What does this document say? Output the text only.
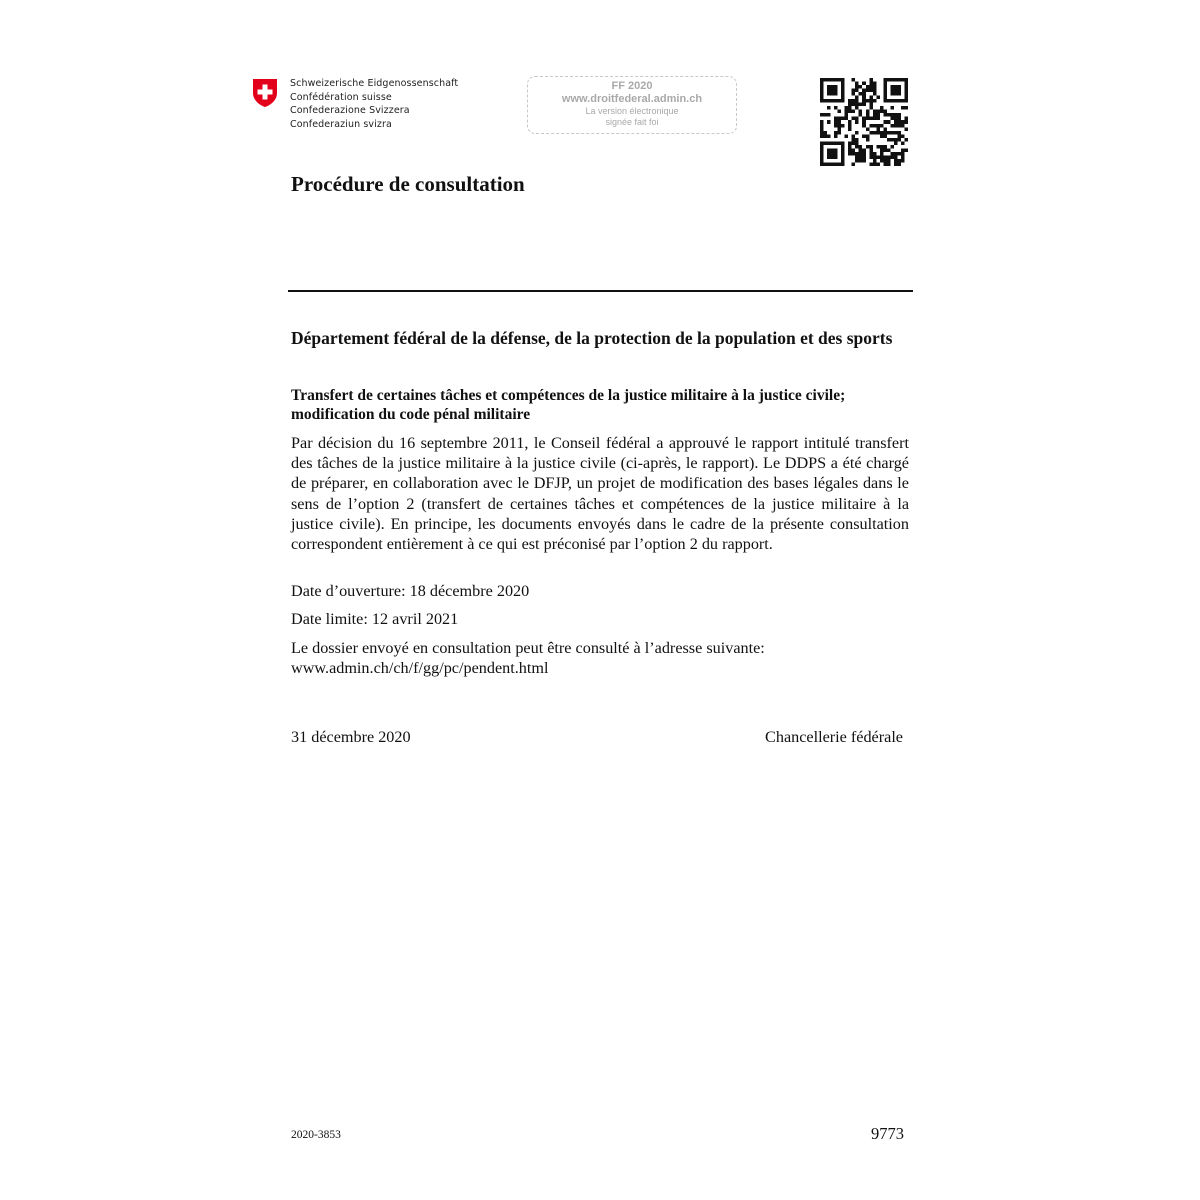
Schweizerische Eidgenossenschaft
Confédération suisse
Confederazione Svizzera
Confederaziun svizra
FF 2020
www.droitfederal.admin.ch
La version électronique
signée fait foi
Procédure de consultation
Département fédéral de la défense, de la protection de la population et des sports
Transfert de certaines tâches et compétences de la justice militaire à la justice civile; modification du code pénal militaire
Par décision du 16 septembre 2011, le Conseil fédéral a approuvé le rapport intitulé transfert des tâches de la justice militaire à la justice civile (ci-après, le rapport). Le DDPS a été chargé de préparer, en collaboration avec le DFJP, un projet de modification des bases légales dans le sens de l’option 2 (transfert de certaines tâches et compétences de la justice militaire à la justice civile). En principe, les documents envoyés dans le cadre de la présente consultation correspondent entièrement à ce qui est préconisé par l’option 2 du rapport.
Date d’ouverture: 18 décembre 2020
Date limite: 12 avril 2021
Le dossier envoyé en consultation peut être consulté à l’adresse suivante:
www.admin.ch/ch/f/gg/pc/pendent.html
31 décembre 2020	Chancellerie fédérale
2020-3853	9773
